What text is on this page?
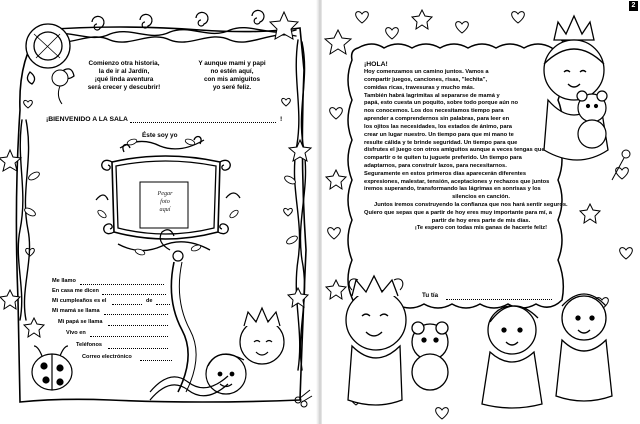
Comienzo otra historia,
la de ir al Jardín,
¡qué linda aventura
será crecer y descubrir!
Y aunque mami y papi
no estén aquí,
con mis amiguitos
yo seré feliz.
¡BIENVENIDO A LA SALA	!
Éste soy yo
Pegar
foto
aquí
Me llamo
En casa me dicen
Mi cumpleaños es el	de
Mi mamá se llama
Mi papá se llama
Vivo en
Teléfonos
Correo electrónico
2

¡HOLA!

Hoy comenzamos un camino juntos. Vamos a

compartir juegos, canciones, risas, "lechita",

comidas ricas, travesuras y mucho más.

También habrá lagrimitas al separarse de mamá y

papá, esto cuesta un poquito, sobre todo porque aún no

nos conocemos. Los dos necesitamos tiempo para

aprender a comprendernos sin palabras, para leer en

los ojitos las necesidades, los estados de ánimo, para

crear un lugar nuestro. Un tiempo para que mi mano te

resulte cálida y te brinde seguridad. Un tiempo para que

disfrutes el juego con otros amiguitos aunque a veces tengas que

compartir o te quiten tu juguete preferido. Un tiempo para

adaptarnos, para construir lazos, para necesitarnos.

Seguramente en estos primeros días aparecerán diferentes

expresiones, malestar, tensión, aceptaciones y rechazos que juntos

iremos superando, transformando las lágrimas en sonrisas y los

silencios en canción.

Juntos iremos construyendo la confianza que nos hará sentir seguros.

Quiero que sepas que a partir de hoy eres muy importante para mí, a

partir de hoy eres parte de mis días.

¡Te espero con todas mis ganas de hacerte feliz!

Tu tía
